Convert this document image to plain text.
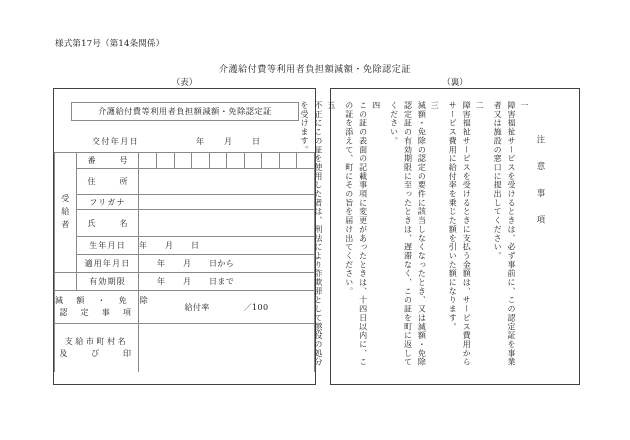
様式第17号（第14条関係）
介護給付費等利用者負担額減額・免除認定証
（表）	（裏）
介護給付費等利用者負担額減額・免除認定証
交付年月日	年 月 日
受
給
者
	番　　　号	

住　　　所	
フリガナ	
氏　　　名	
生年月日	年 月 日
適用年月日	年 月 日から
	有効期限	年 月 日まで

減　額　・　免　除
認　定　事　項
	給付率	／100

支給市町村名
及　　び　　印

注　意　事　項
一
障害福祉サービスを受けるときは、必ず事前に、この認定証を事業者又は施設の窓口に提出してください。
二
障害福祉サービスを受けるときに支払う金額は、サービス費用からサービス費用に給付率を乗じた額を引いた額になります。
三
減額・免除の認定の要件に該当しなくなったとき、又は減額・免除認定証の有効期限に至ったときは、遅滞なく、この証を町に返してください。
四
この証の表面の記載事項に変更があったときは、十四日以内に、この証を添えて、町にその旨を届け出てください。
五
不正にこの証を使用した者は、刑法により詐欺罪として懲役の処分を受けます。
